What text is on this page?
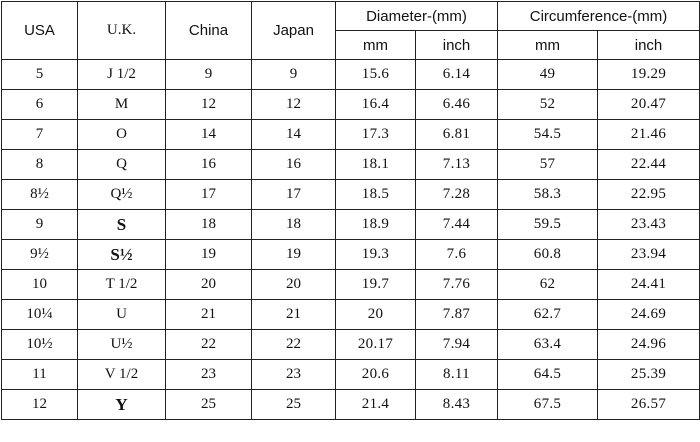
USA	U.K.	China	Japan	Diameter-(mm)		Circumference-(mm)	
				mm	inch	mm	inch
5	J 1/2	9	9	15.6	6.14	49	19.29
6	M	12	12	16.4	6.46	52	20.47
7	O	14	14	17.3	6.81	54.5	21.46
8	Q	16	16	18.1	7.13	57	22.44
8½	Q½	17	17	18.5	7.28	58.3	22.95
9	S	18	18	18.9	7.44	59.5	23.43
9½	S½	19	19	19.3	7.6	60.8	23.94
10	T 1/2	20	20	19.7	7.76	62	24.41
10¼	U	21	21	20	7.87	62.7	24.69
10½	U½	22	22	20.17	7.94	63.4	24.96
11	V 1/2	23	23	20.6	8.11	64.5	25.39
12	Y	25	25	21.4	8.43	67.5	26.57
